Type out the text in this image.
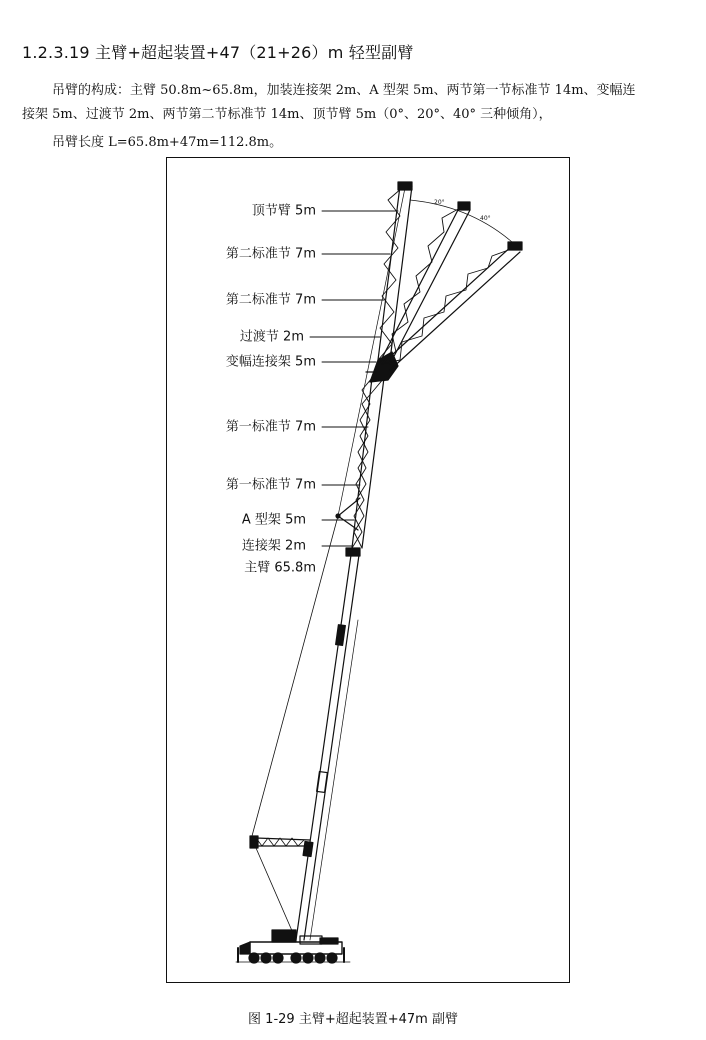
1.2.3.19 主臂+超起装置+47（21+26）m 轻型副臂
吊臂的构成：主臂 50.8m~65.8m，加装连接架 2m、A 型架 5m、两节第一节标准节 14m、变幅连
接架 5m、过渡节 2m、两节第二节标准节 14m、顶节臂 5m（0°、20°、40° 三种倾角），
吊臂长度 L=65.8m+47m=112.8m。
20°
40°
顶节臂 5m
第二标准节 7m
第二标准节 7m
过渡节 2m
变幅连接架 5m
第一标准节 7m
第一标准节 7m
A 型架 5m
连接架 2m
主臂 65.8m
图 1-29 主臂+超起装置+47m 副臂
